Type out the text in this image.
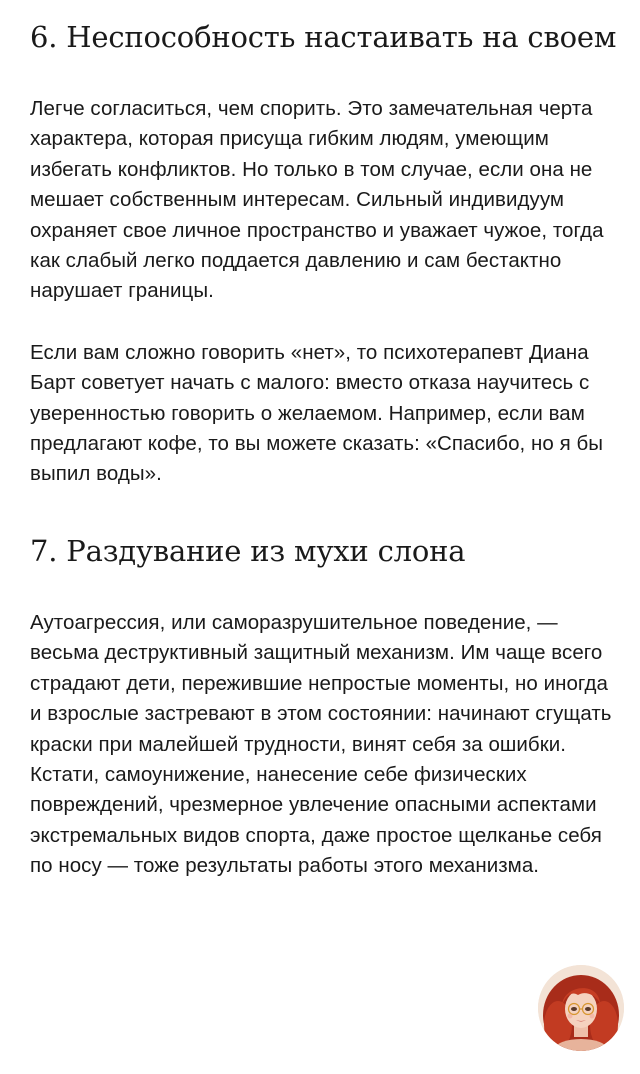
6. Неспособность настаивать на своем

Легче согласиться, чем спорить. Это замечательная черта характера, которая присуща гибким людям, умеющим избегать конфликтов. Но только в том случае, если она не мешает собственным интересам. Сильный индивидуум охраняет свое личное пространство и уважает чужое, тогда как слабый легко поддается давлению и сам бестактно нарушает границы.

Если вам сложно говорить «нет», то психотерапевт Диана Барт советует начать с малого: вместо отказа научитесь с уверенностью говорить о желаемом. Например, если вам предлагают кофе, то вы можете сказать: «Спасибо, но я бы выпил воды».

7. Раздувание из мухи слона

Аутоагрессия, или саморазрушительное поведение, — весьма деструктивный защитный механизм. Им чаще всего страдают дети, пережившие непростые моменты, но иногда и взрослые застревают в этом состоянии: начинают сгущать краски при малейшей трудности, винят себя за ошибки. Кстати, самоунижение, нанесение себе физических повреждений, чрезмерное увлечение опасными аспектами экстремальных видов спорта, даже простое щелканье себя по носу — тоже результаты работы этого механизма.
